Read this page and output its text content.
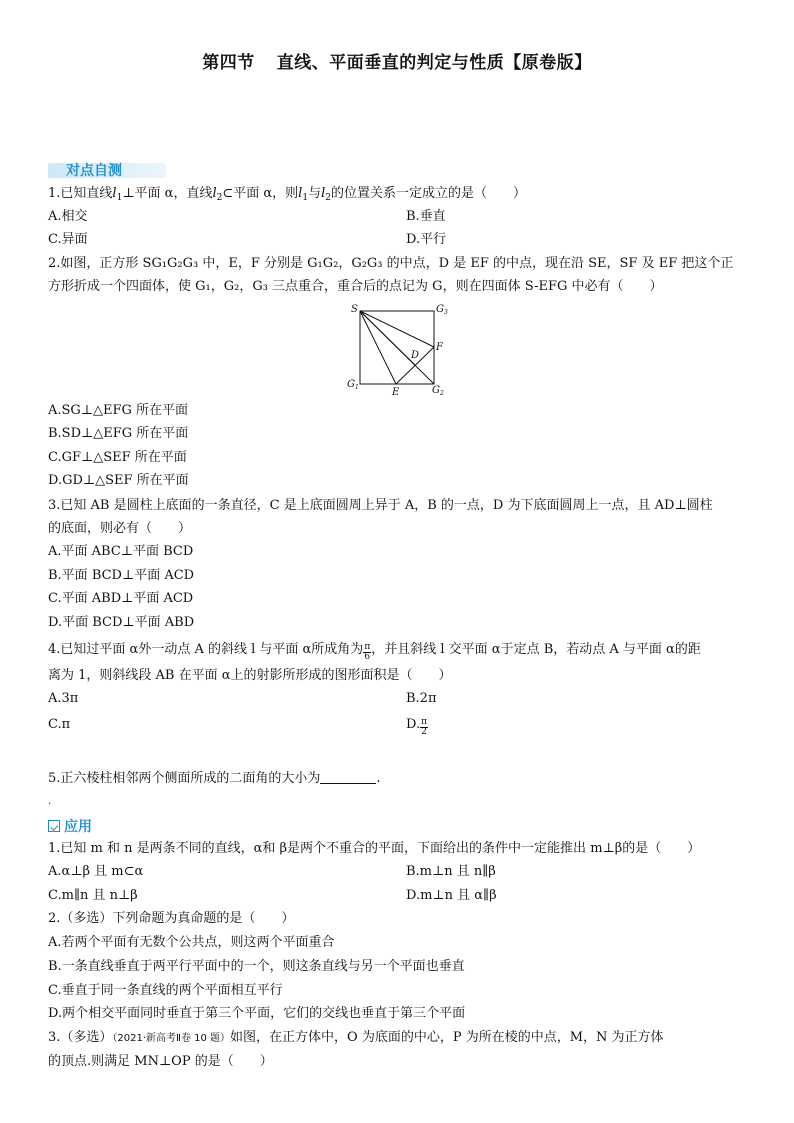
第四节 直线、平面垂直的判定与性质【原卷版】
对点自测
1.已知直线$l_1\perp$平面 α，直线$l_2\subset$平面 α，则$l_1$与$l_2$的位置关系一定成立的是（　　）
A.相交	B.垂直
C.异面	D.平行
2.如图，正方形 SG₁G₂G₃ 中，E，F 分别是 G₁G₂，G₂G₃ 的中点，D 是 EF 的中点，现在沿 SE，SF 及 EF 把这个正
方形折成一个四面体，使 G₁，G₂，G₃ 三点重合，重合后的点记为 G，则在四面体 S-EFG 中必有（　　）
S	$G_3$
F
D
$G_1$	E	$G_2$
A.SG⊥△EFG 所在平面
B.SD⊥△EFG 所在平面
C.GF⊥△SEF 所在平面
D.GD⊥△SEF 所在平面
3.已知 AB 是圆柱上底面的一条直径，C 是上底面圆周上异于 A，B 的一点，D 为下底面圆周上一点，且 AD⊥圆柱
的底面，则必有（　　）
A.平面 ABC⊥平面 BCD
B.平面 BCD⊥平面 ACD
C.平面 ABD⊥平面 ACD
D.平面 BCD⊥平面 ABD
4.已知过平面 α外一动点 A 的斜线 l 与平面 α所成角为 $\frac{\pi}{6}$ ，并且斜线 l 交平面 α于定点 B，若动点 A 与平面 α的距
离为 1，则斜线段 AB 在平面 α上的射影所形成的图形面积是（　　）
A.3π	B.2π
C.π	D. $\frac{\pi}{2}$
5.正六棱柱相邻两个侧面所成的二面角的大小为	.
.
应用
1.已知 m 和 n 是两条不同的直线，α和 β是两个不重合的平面，下面给出的条件中一定能推出 m⊥β的是（　　）
A.α⊥β 且 m⊂α	B.m⊥n 且 n∥β
C.m∥n 且 n⊥β	D.m⊥n 且 α∥β
2.（多选）下列命题为真命题的是（　　）
A.若两个平面有无数个公共点，则这两个平面重合
B.一条直线垂直于两平行平面中的一个，则这条直线与另一个平面也垂直
C.垂直于同一条直线的两个平面相互平行
D.两个相交平面同时垂直于第三个平面，它们的交线也垂直于第三个平面
3.（多选）（2021·新高考Ⅱ卷 10 题）如图，在正方体中，O 为底面的中心，P 为所在棱的中点，M，N 为正方体
的顶点.则满足 MN⊥OP 的是（　　）
